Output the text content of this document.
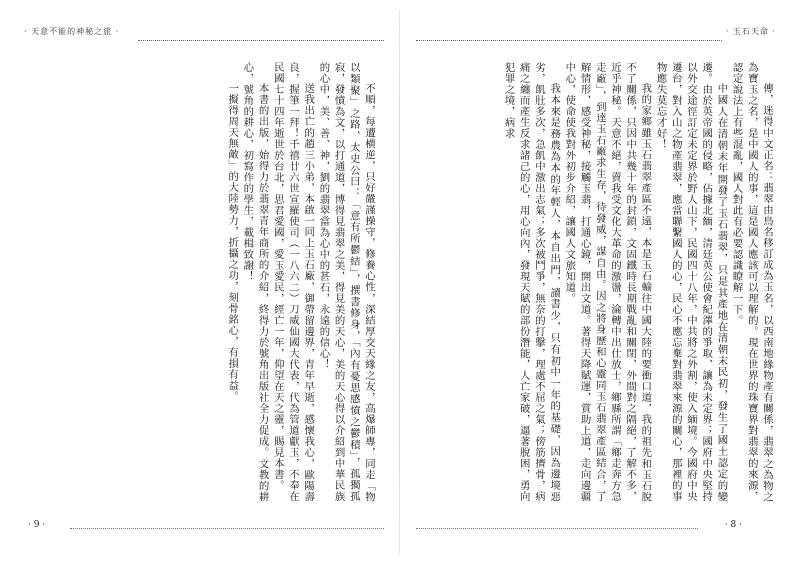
· 天意不能的神秘之旅 ·

不順，每遭横逆，只好嚴謹操守，修養心性，深結厚交天緣之友，高爆師專，同走「物以類聚」之路，太史公曰：「意有所鬱結」，撰書修身，「內有憂思感憤之鬱積」，孤獨孤寂，發憤為文，以打通道，博得見翡翠之美，得見美的天心，美的天心得以介紹到中華民族的心中，美、善、神，劉的翡翠當為心中的甚石，永遠的信心！

送我出亡的趙三小弟，本啟一同上玉石廠，御帶留邊界，青年早逝，感懷我心，歐陽壽良，握筆一拜！千禧廿六世宣羅使司（一八六二）刀威仙國大代表，代為管道獻玉，不奉在民國七十四年逝世於台北，思君愛國，愛玉愛民，經亡一年，仰望在天之靈，賜見本書。

本書的出版，始得力於翡翠青年商所的介紹，終得力於號角出版社全力促成。文教的耕心，號角的耕心，初寫作的學生，載楫致謝！

一擬得周天無敵」的大陸勢力，折攝之功，刻骨銘心，有損有益。

· 9 ·
· 玉石天命 ·

傳，迷得中文正名：翡翠由鳥名移訂成為玉名，以西南地緣物產有關係，翡翠之為物之為寶玉之名，是中國人的事，這是國人應該可以理解的。現在世界的珠寶界對翡翠的來源，認定說法上有些混亂，國人對此有必要認識瞭解一下。

中國人在清朝末年開發了玉石翡翠，只是其產地在清朝末民初，發生了國土認定的變遷。由於英帝國的侵略，佔據北緬，清廷英公使會紀澤的爭取，讓為未定界；國府中央堅持以外交途徑訂定未定界於野人山下，民國四十八年，中共將之外割，使入緬境。今國府中央遷台，對入山之物產翡翠，應當聯繫國人的心，民心不應忘棄對翡翠來源的關心，那裡的事物應失莫忘才好！

我的家鄉雖玉石翡翠產區不遠，本是玉石輸往中國大陸的要衝口道，我的祖先和玉石脫不了關係，只因中共幾十年的封鎖，文固鐵時長期戰亂和關閉，外間對之隔絕，了解不多，近乎神秘。天意不絕，賣我受文化大革命的激盪，淪轉中出仕放士，鄉縣所謂「鄉走奔方急走廠」，到達玉石廠求生存，待發威，謀自由。因之將身歷和心靈同玉石翡翠產區結合，了解情形，感受神秘，接觸玉翡，打通心鏡，開出文道。著得天降賦運，賞助上道，走向邊疆中心，使命使我對外初步介紹，讓國人文旅知道。

我本來是務農為本的年輕人，本自出門，讀書少，只有初中一年的基礎，因為邊境惡劣，飢肚多次，急飢中激出志氣；多次被鬥爭，無奈的打擊，理處不屈之氣；傍筋擠骨，病痛之纏而產生反求諸己的心，用心向內，發現天賦的部份潛能，人亡家破，逼著脫困，勇向犯罪之境，病求

· 8 ·
